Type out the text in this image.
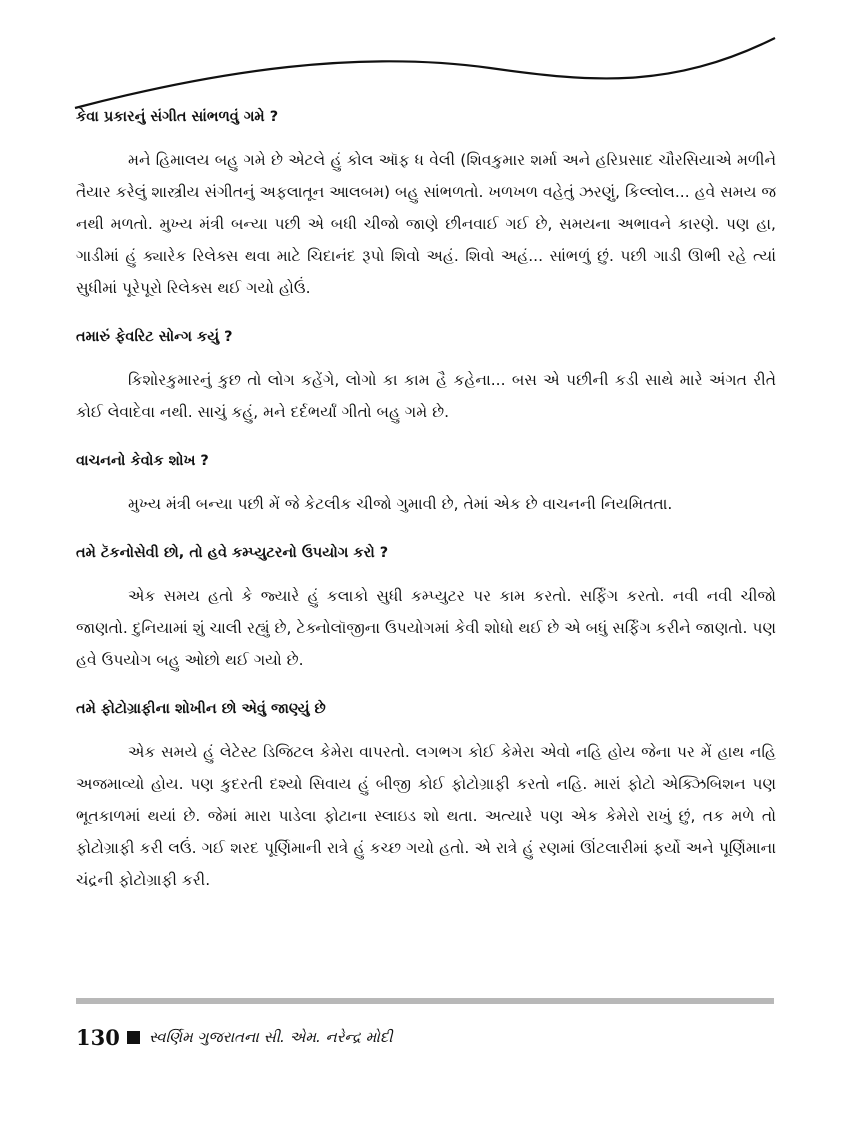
કેવા પ્રકારનું સંગીત સાંભળવું ગમે ?

મને હિમાલય બહુ ગમે છે એટલે હું કોલ ઑફ ધ વેલી (શિવકુમાર શર્મા અને હરિપ્રસાદ ચૌરસિયાએ મળીને તૈયાર કરેલું શાસ્ત્રીય સંગીતનું અફલાતૂન આલબમ) બહુ સાંભળતો. ખળખળ વહેતું ઝરણું, કિલ્લોલ... હવે સમય જ નથી મળતો. મુખ્ય મંત્રી બન્યા પછી એ બધી ચીજો જાણે છીનવાઈ ગઈ છે, સમયના અભાવને કારણે. પણ હા, ગાડીમાં હું ક્યારેક રિલેક્સ થવા માટે ચિદાનંદ રૂપો શિવો અહં. શિવો અહં... સાંભળું છું. પછી ગાડી ઊભી રહે ત્યાં સુધીમાં પૂરેપૂરો રિલેક્સ થઈ ગયો હોઉં.

તમારું ફેવરિટ સોન્ગ કયું ?

કિશોરકુમારનું કુછ તો લોગ કહેંગે, લોગો કા કામ હૈ કહેના... બસ એ પછીની કડી સાથે મારે અંગત રીતે કોઈ લેવાદેવા નથી. સાચું કહું, મને દર્દભર્યાં ગીતો બહુ ગમે છે.

વાચનનો કેવોક શોખ ?

મુખ્ય મંત્રી બન્યા પછી મેં જે કેટલીક ચીજો ગુમાવી છે, તેમાં એક છે વાચનની નિયમિતતા.

તમે ટૅકનોસેવી છો, તો હવે કમ્પ્યુટરનો ઉપયોગ કરો ?

એક સમય હતો કે જ્યારે હું કલાકો સુધી કમ્પ્યુટર પર કામ કરતો. સર્ફિંગ કરતો. નવી નવી ચીજો જાણતો. દુનિયામાં શું ચાલી રહ્યું છે, ટેક્નોલૉજીના ઉપયોગમાં કેવી શોધો થઈ છે એ બધું સર્ફિંગ કરીને જાણતો. પણ હવે ઉપયોગ બહુ ઓછો થઈ ગયો છે.

તમે ફોટોગ્રાફીના શોખીન છો એવું જાણ્યું છે

એક સમયે હું લેટેસ્ટ ડિજિટલ કેમેરા વાપરતો. લગભગ કોઈ કેમેરા એવો નહિ હોય જેના પર મેં હાથ નહિ અજમાવ્યો હોય. પણ કુદરતી દશ્યો સિવાય હું બીજી કોઈ ફોટોગ્રાફી કરતો નહિ. મારાં ફોટો એક્ઝિબિશન પણ ભૂતકાળમાં થયાં છે. જેમાં મારા પાડેલા ફોટાના સ્લાઇડ શો થતા. અત્યારે પણ એક કેમેરો રાખું છું, તક મળે તો ફોટોગ્રાફી કરી લઉં. ગઈ શરદ પૂર્ણિમાની રાત્રે હું કચ્છ ગયો હતો. એ રાત્રે હું રણમાં ઊંટલારીમાં ફર્યો અને પૂર્ણિમાના ચંદ્રની ફોટોગ્રાફી કરી.

130 સ્વર્ણિમ ગુજરાતના સી. એમ. નરેન્દ્ર મોદી
